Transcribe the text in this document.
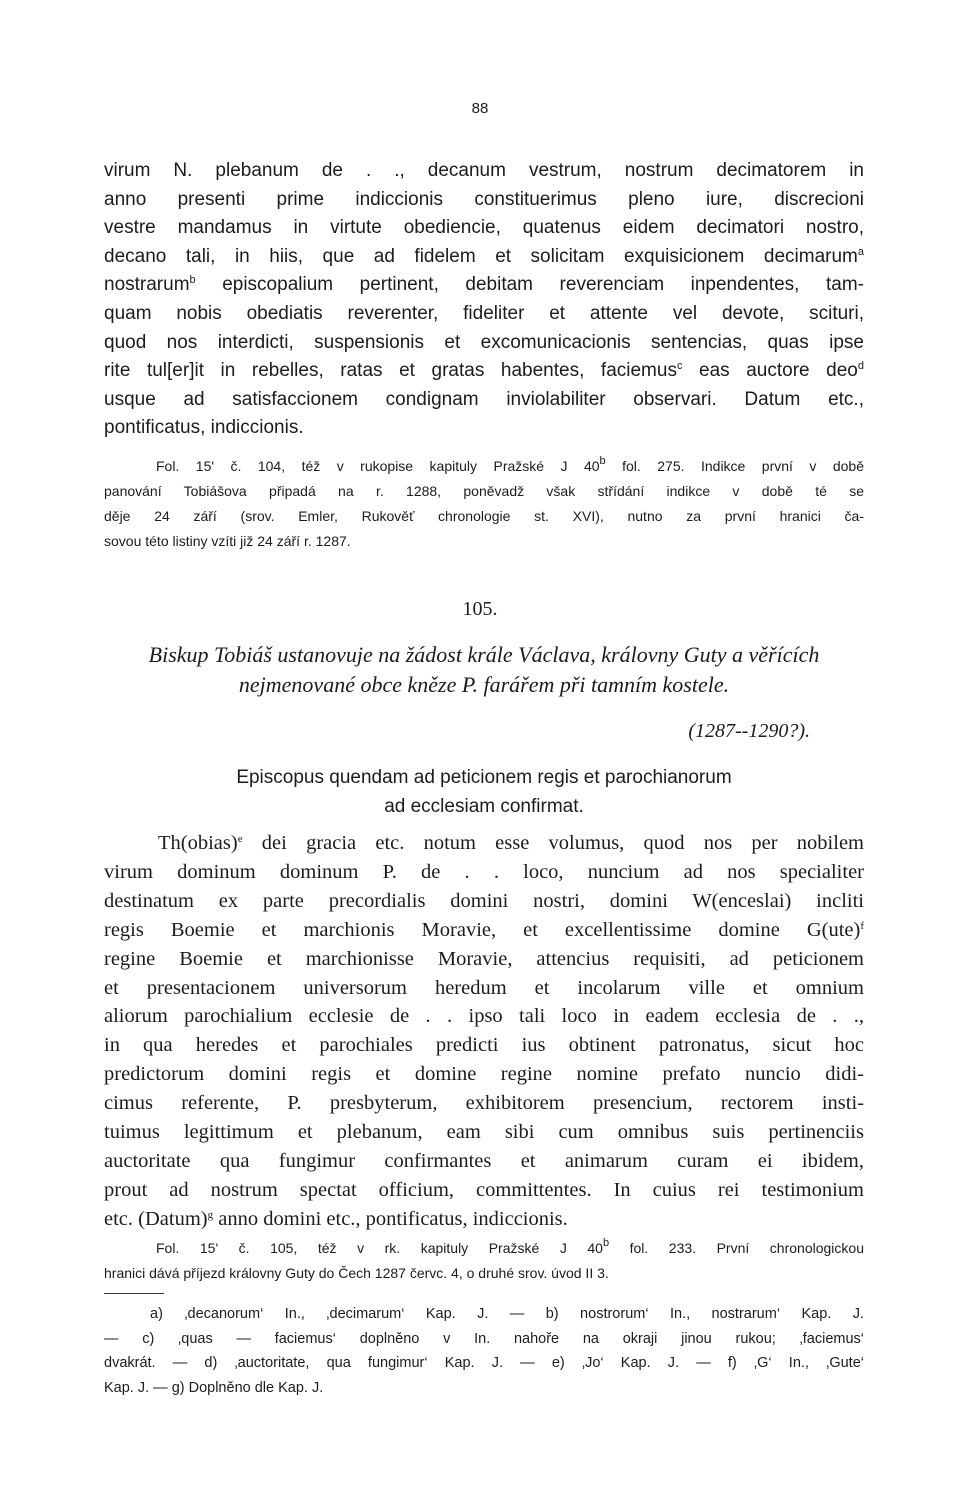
88
virum N. plebanum de . ., decanum vestrum, nostrum decimatorem in
anno presenti prime indiccionis constituerimus pleno iure, discrecioni
vestre mandamus in virtute obediencie, quatenus eidem decimatori nostro,
decano tali, in hiis, que ad fidelem et solicitam exquisicionem decimarum$^a$
nostrarum$^b$ episcopalium pertinent, debitam reverenciam inpendentes, tam-
quam nobis obediatis reverenter, fideliter et attente vel devote, scituri,
quod nos interdicti, suspensionis et excomunicacionis sentencias, quas ipse
rite tul[er]it in rebelles, ratas et gratas habentes, faciemus$^c$ eas auctore deo$^d$
usque ad satisfaccionem condignam inviolabiliter observari. Datum etc.,
pontificatus, indiccionis.
Fol. 15' č. 104, též v rukopise kapituly Pražské J 40$^b$ fol. 275. Indikce první v době
panování Tobiášova připadá na r. 1288, poněvadž však střídání indikce v době té se
děje 24 září (srov. Emler, Rukověť chronologie st. XVI), nutno za první hranici ča-
sovou této listiny vzíti již 24 září r. 1287.
105.
Biskup Tobiáš ustanovuje na žádost krále Václava, královny Guty a věřících
nejmenované obce kněze P. farářem při tamním kostele.
(1287--1290?).
Episcopus quendam ad peticionem regis et parochianorum
ad ecclesiam confirmat.
Th(obias)$^e$ dei gracia etc. notum esse volumus, quod nos per nobilem
virum dominum dominum P. de . . loco, nuncium ad nos specialiter
destinatum ex parte precordialis domini nostri, domini W(enceslai) incliti
regis Boemie et marchionis Moravie, et excellentissime domine G(ute)$^f$
regine Boemie et marchionisse Moravie, attencius requisiti, ad peticionem
et presentacionem universorum heredum et incolarum ville et omnium
aliorum parochialium ecclesie de . . ipso tali loco in eadem ecclesia de . .,
in qua heredes et parochiales predicti ius obtinent patronatus, sicut hoc
predictorum domini regis et domine regine nomine prefato nuncio didi-
cimus referente, P. presbyterum, exhibitorem presencium, rectorem insti-
tuimus legittimum et plebanum, eam sibi cum omnibus suis pertinenciis
auctoritate qua fungimur confirmantes et animarum curam ei ibidem,
prout ad nostrum spectat officium, committentes. In cuius rei testimonium
etc. (Datum)$^g$ anno domini etc., pontificatus, indiccionis.
Fol. 15' č. 105, též v rk. kapituly Pražské J 40$^b$ fol. 233. První chronologickou
hranici dává příjezd královny Guty do Čech 1287 červc. 4, o druhé srov. úvod II 3.
a) ‚decanorum‘ In., ‚decimarum‘ Kap. J. — b) nostrorum‘ In., nostrarum‘ Kap. J.
— c) ‚quas — faciemus‘ doplněno v In. nahoře na okraji jinou rukou; ‚faciemus‘
dvakrát. — d) ‚auctoritate, qua fungimur‘ Kap. J. — e) ‚Jo‘ Kap. J. — f) ‚G‘ In., ‚Gute‘
Kap. J. — g) Doplněno dle Kap. J.
